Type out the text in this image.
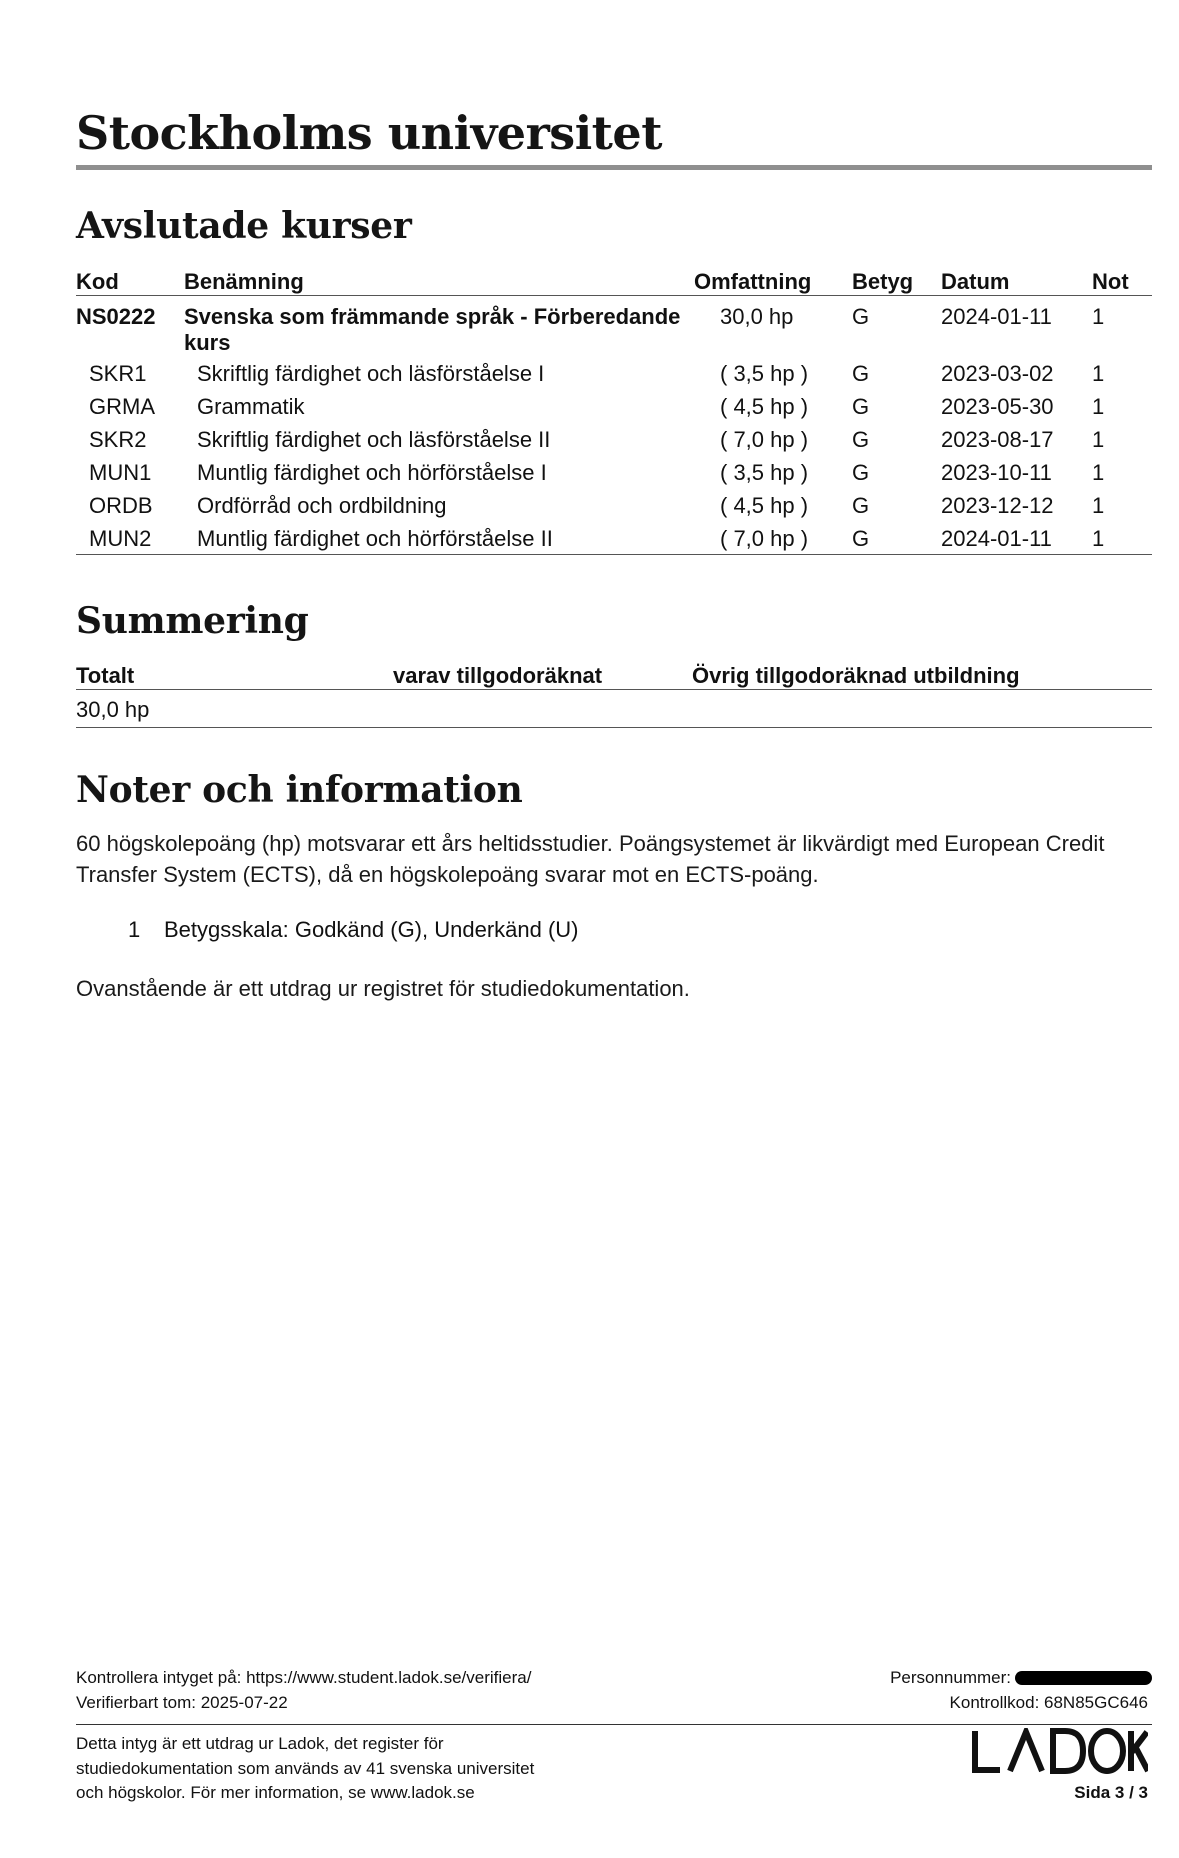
Stockholms universitet
Avslutade kurser
Kod	Benämning	Omfattning	Betyg	Datum	Not
NS0222	Svenska som främmande språk - Förberedande kurs	30,0 hp	G	2024-01-11	1
SKR1	Skriftlig färdighet och läsförståelse I	( 3,5 hp )	G	2023-03-02	1
GRMA	Grammatik	( 4,5 hp )	G	2023-05-30	1
SKR2	Skriftlig färdighet och läsförståelse II	( 7,0 hp )	G	2023-08-17	1
MUN1	Muntlig färdighet och hörförståelse I	( 3,5 hp )	G	2023-10-11	1
ORDB	Ordförråd och ordbildning	( 4,5 hp )	G	2023-12-12	1
MUN2	Muntlig färdighet och hörförståelse II	( 7,0 hp )	G	2024-01-11	1
Summering
Totalt	varav tillgodoräknat	Övrig tillgodoräknad utbildning
30,0 hp		
Noter och information
60 högskolepoäng (hp) motsvarar ett års heltidsstudier. Poängsystemet är likvärdigt med European Credit Transfer System (ECTS), då en högskolepoäng svarar mot en ECTS-poäng.
1 Betygsskala: Godkänd (G), Underkänd (U)
Ovanstående är ett utdrag ur registret för studiedokumentation.
Kontrollera intyget på: https://www.student.ladok.se/verifiera/
Verifierbart tom: 2025-07-22
Personnummer:
Kontrollkod: 68N85GC646
Detta intyg är ett utdrag ur Ladok, det register för
studiedokumentation som används av 41 svenska universitet
och högskolor. För mer information, se www.ladok.se	Sida 3 / 3
